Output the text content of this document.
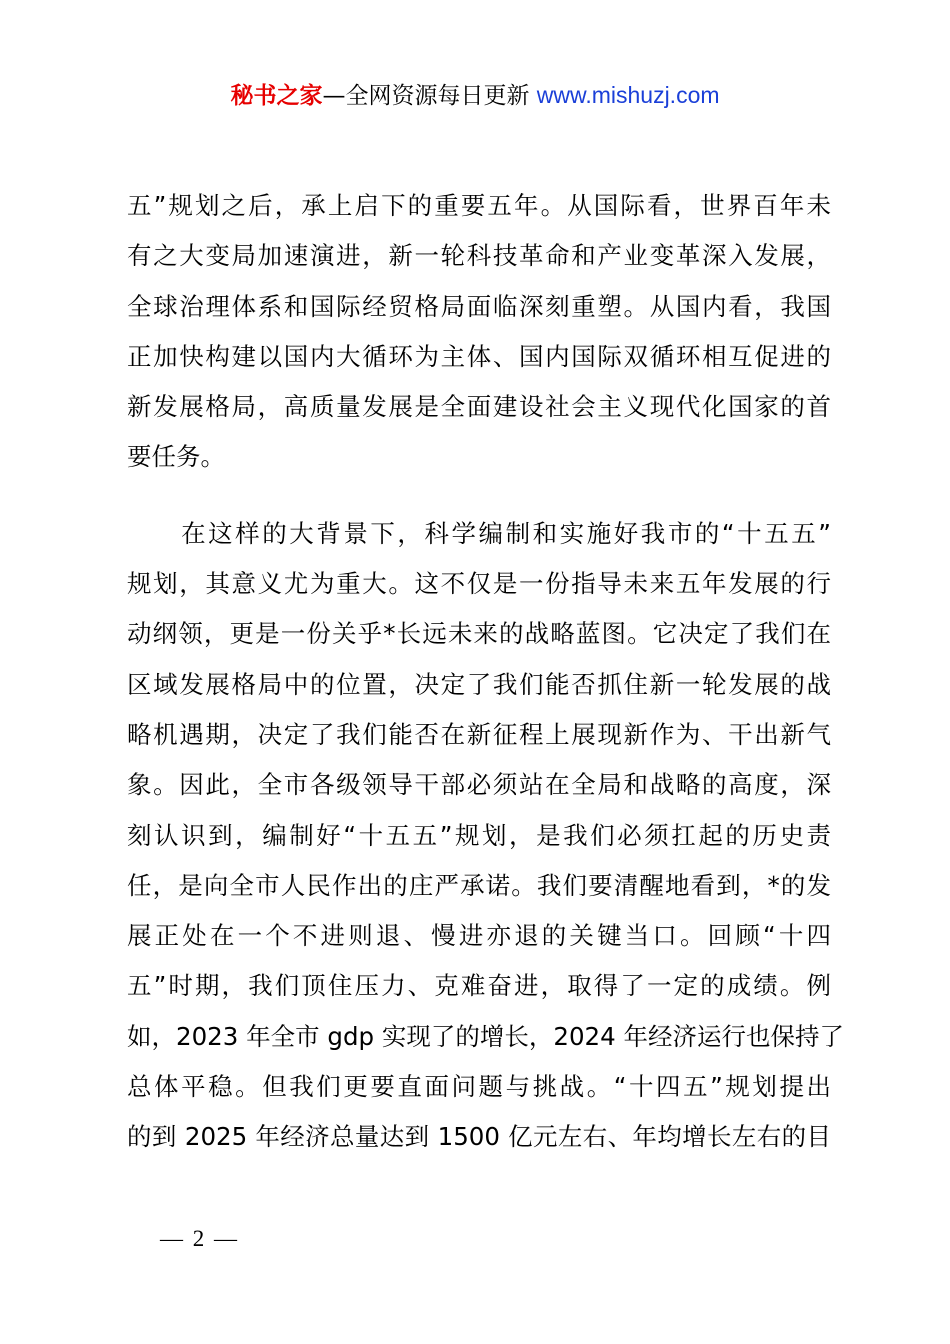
秘书之家—全网资源每日更新 www.mishuzj.com

五”规划之后，承上启下的重要五年。从国际看，世界百年未
有之大变局加速演进，新一轮科技革命和产业变革深入发展，
全球治理体系和国际经贸格局面临深刻重塑。从国内看，我国
正加快构建以国内大循环为主体、国内国际双循环相互促进的
新发展格局，高质量发展是全面建设社会主义现代化国家的首
要任务。

　　在这样的大背景下，科学编制和实施好我市的“十五五”
规划，其意义尤为重大。这不仅是一份指导未来五年发展的行
动纲领，更是一份关乎*长远未来的战略蓝图。它决定了我们在
区域发展格局中的位置，决定了我们能否抓住新一轮发展的战
略机遇期，决定了我们能否在新征程上展现新作为、干出新气
象。因此，全市各级领导干部必须站在全局和战略的高度，深
刻认识到，编制好“十五五”规划，是我们必须扛起的历史责
任，是向全市人民作出的庄严承诺。我们要清醒地看到，*的发
展正处在一个不进则退、慢进亦退的关键当口。回顾“十四
五”时期，我们顶住压力、克难奋进，取得了一定的成绩。例
如，2023 年全市 gdp 实现了的增长，2024 年经济运行也保持了
总体平稳。但我们更要直面问题与挑战。“十四五”规划提出
的到 2025 年经济总量达到 1500 亿元左右、年均增长左右的目

— 2 —
